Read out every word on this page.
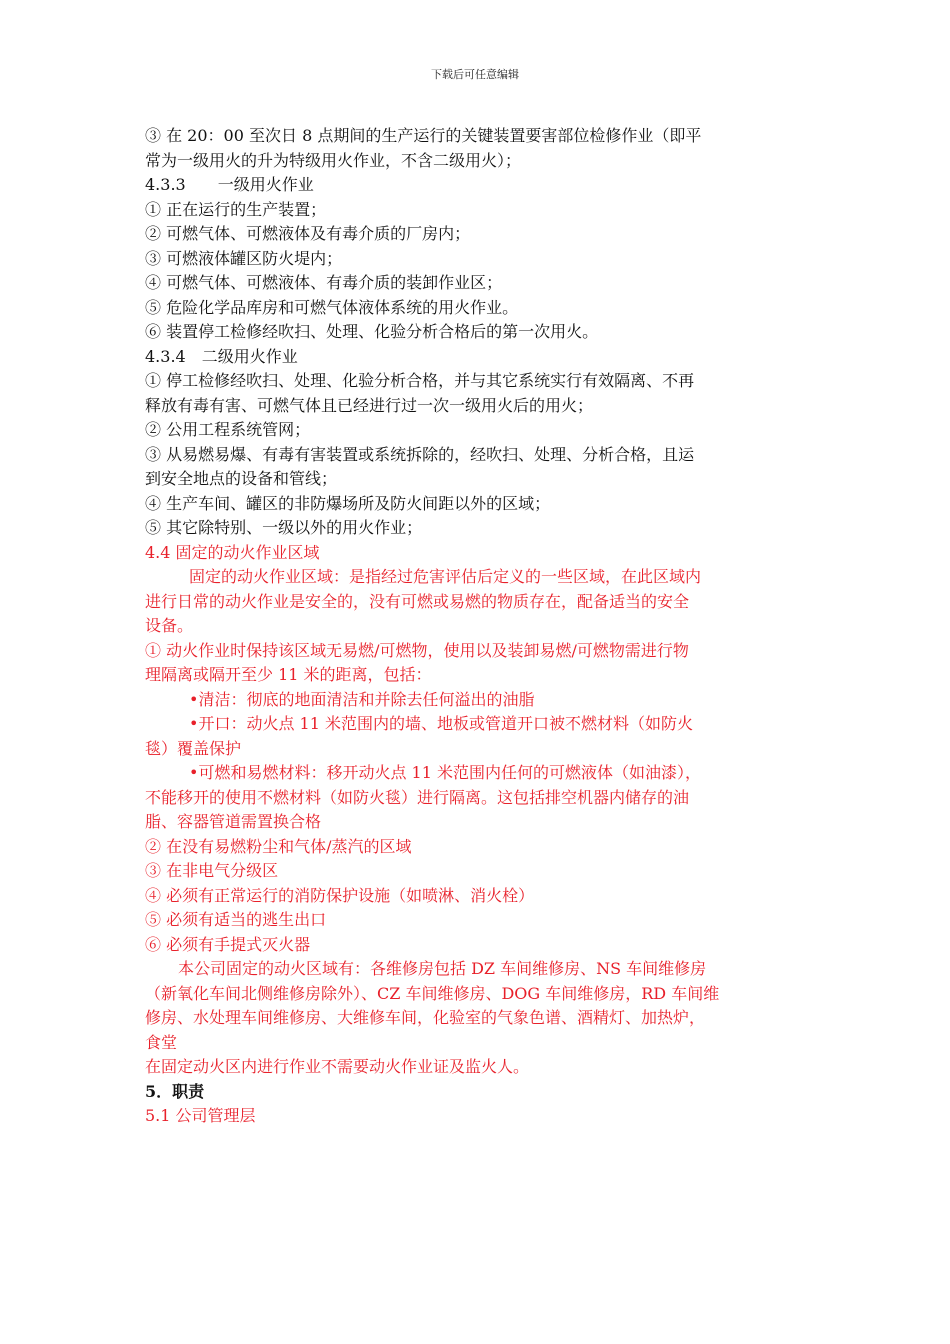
下载后可任意编辑
③ 在 20：00 至次日 8 点期间的生产运行的关键装置要害部位检修作业（即平
常为一级用火的升为特级用火作业，不含二级用火）；
4.3.3　　一级用火作业
① 正在运行的生产装置；
② 可燃气体、可燃液体及有毒介质的厂房内；
③ 可燃液体罐区防火堤内；
④ 可燃气体、可燃液体、有毒介质的装卸作业区；
⑤ 危险化学品库房和可燃气体液体系统的用火作业。
⑥ 装置停工检修经吹扫、处理、化验分析合格后的第一次用火。
4.3.4　二级用火作业
① 停工检修经吹扫、处理、化验分析合格，并与其它系统实行有效隔离、不再
释放有毒有害、可燃气体且已经进行过一次一级用火后的用火；
② 公用工程系统管网；
③ 从易燃易爆、有毒有害装置或系统拆除的，经吹扫、处理、分析合格，且运
到安全地点的设备和管线；
④ 生产车间、罐区的非防爆场所及防火间距以外的区域；
⑤ 其它除特别、一级以外的用火作业；
4.4 固定的动火作业区域
固定的动火作业区域：是指经过危害评估后定义的一些区域，在此区域内
进行日常的动火作业是安全的，没有可燃或易燃的物质存在，配备适当的安全
设备。
① 动火作业时保持该区域无易燃/可燃物，使用以及装卸易燃/可燃物需进行物
理隔离或隔开至少 11 米的距离，包括：
•清洁：彻底的地面清洁和并除去任何溢出的油脂
•开口：动火点 11 米范围内的墙、地板或管道开口被不燃材料（如防火
毯）覆盖保护
•可燃和易燃材料：移开动火点 11 米范围内任何的可燃液体（如油漆），
不能移开的使用不燃材料（如防火毯）进行隔离。这包括排空机器内储存的油
脂、容器管道需置换合格
② 在没有易燃粉尘和气体/蒸汽的区域
③ 在非电气分级区
④ 必须有正常运行的消防保护设施（如喷淋、消火栓）
⑤ 必须有适当的逃生出口
⑥ 必须有手提式灭火器
本公司固定的动火区域有：各维修房包括 DZ 车间维修房、NS 车间维修房
（新氧化车间北侧维修房除外）、CZ 车间维修房、DOG 车间维修房，RD 车间维
修房、水处理车间维修房、大维修车间，化验室的气象色谱、酒精灯、加热炉，
食堂
在固定动火区内进行作业不需要动火作业证及监火人。
5．职责
5.1 公司管理层
